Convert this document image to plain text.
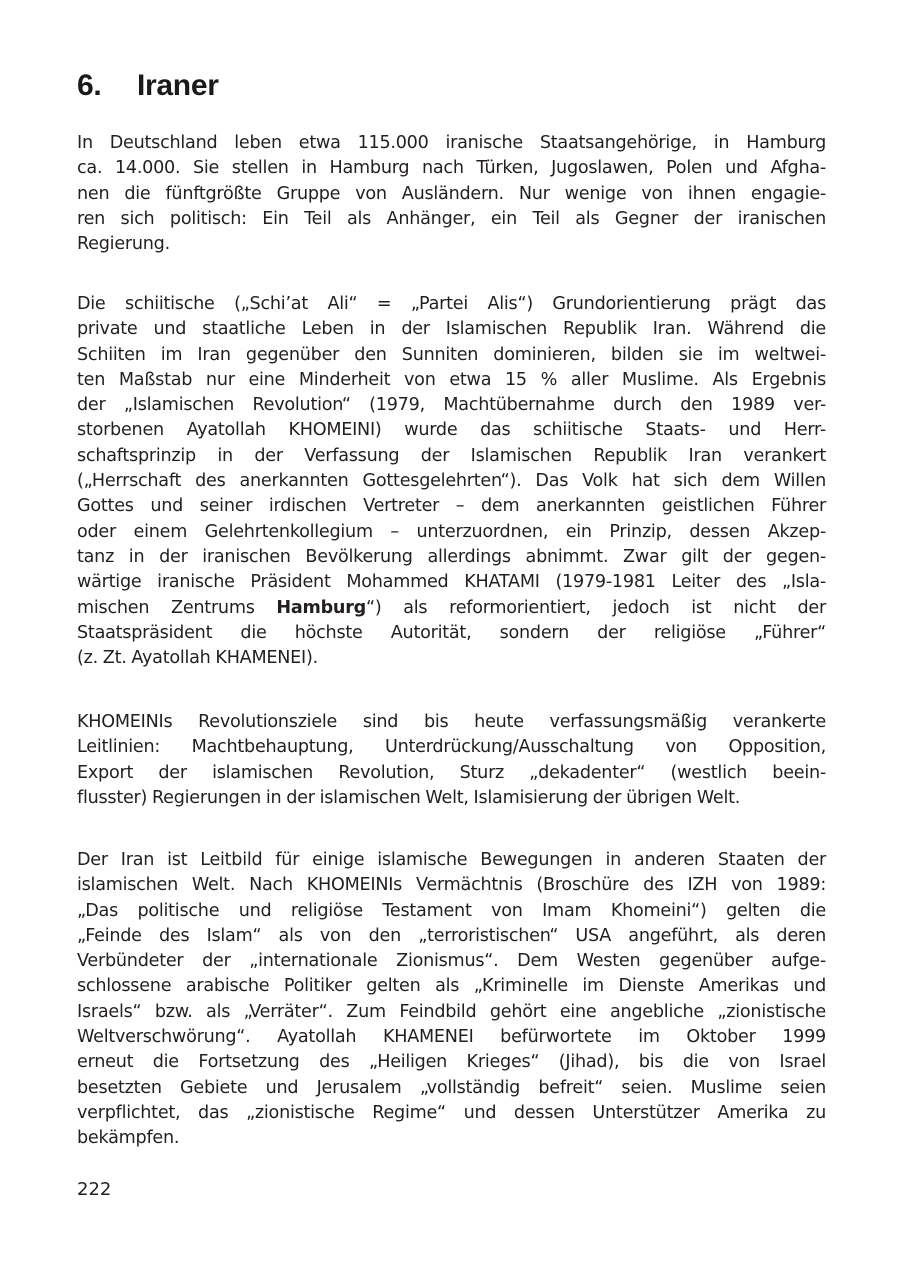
6. Iraner
In Deutschland leben etwa 115.000 iranische Staatsangehörige, in Hamburg
ca. 14.000. Sie stellen in Hamburg nach Türken, Jugoslawen, Polen und Afgha-
nen die fünftgrößte Gruppe von Ausländern. Nur wenige von ihnen engagie-
ren sich politisch: Ein Teil als Anhänger, ein Teil als Gegner der iranischen
Regierung.
Die schiitische („Schi’at Ali“ = „Partei Alis“) Grundorientierung prägt das
private und staatliche Leben in der Islamischen Republik Iran. Während die
Schiiten im Iran gegenüber den Sunniten dominieren, bilden sie im weltwei-
ten Maßstab nur eine Minderheit von etwa 15 % aller Muslime. Als Ergebnis
der „Islamischen Revolution“ (1979, Machtübernahme durch den 1989 ver-
storbenen Ayatollah KHOMEINI) wurde das schiitische Staats- und Herr-
schaftsprinzip in der Verfassung der Islamischen Republik Iran verankert
(„Herrschaft des anerkannten Gottesgelehrten“). Das Volk hat sich dem Willen
Gottes und seiner irdischen Vertreter – dem anerkannten geistlichen Führer
oder einem Gelehrtenkollegium – unterzuordnen, ein Prinzip, dessen Akzep-
tanz in der iranischen Bevölkerung allerdings abnimmt. Zwar gilt der gegen-
wärtige iranische Präsident Mohammed KHATAMI (1979-1981 Leiter des „Isla-
mischen Zentrums Hamburg“) als reformorientiert, jedoch ist nicht der
Staatspräsident die höchste Autorität, sondern der religiöse „Führer“
(z. Zt. Ayatollah KHAMENEI).
KHOMEINIs Revolutionsziele sind bis heute verfassungsmäßig verankerte
Leitlinien: Machtbehauptung, Unterdrückung/Ausschaltung von Opposition,
Export der islamischen Revolution, Sturz „dekadenter“ (westlich beein-
flusster) Regierungen in der islamischen Welt, Islamisierung der übrigen Welt.
Der Iran ist Leitbild für einige islamische Bewegungen in anderen Staaten der
islamischen Welt. Nach KHOMEINIs Vermächtnis (Broschüre des IZH von 1989:
„Das politische und religiöse Testament von Imam Khomeini“) gelten die
„Feinde des Islam“ als von den „terroristischen“ USA angeführt, als deren
Verbündeter der „internationale Zionismus“. Dem Westen gegenüber aufge-
schlossene arabische Politiker gelten als „Kriminelle im Dienste Amerikas und
Israels“ bzw. als „Verräter“. Zum Feindbild gehört eine angebliche „zionistische
Weltverschwörung“. Ayatollah KHAMENEI befürwortete im Oktober 1999
erneut die Fortsetzung des „Heiligen Krieges“ (Jihad), bis die von Israel
besetzten Gebiete und Jerusalem „vollständig befreit“ seien. Muslime seien
verpflichtet, das „zionistische Regime“ und dessen Unterstützer Amerika zu
bekämpfen.
222
